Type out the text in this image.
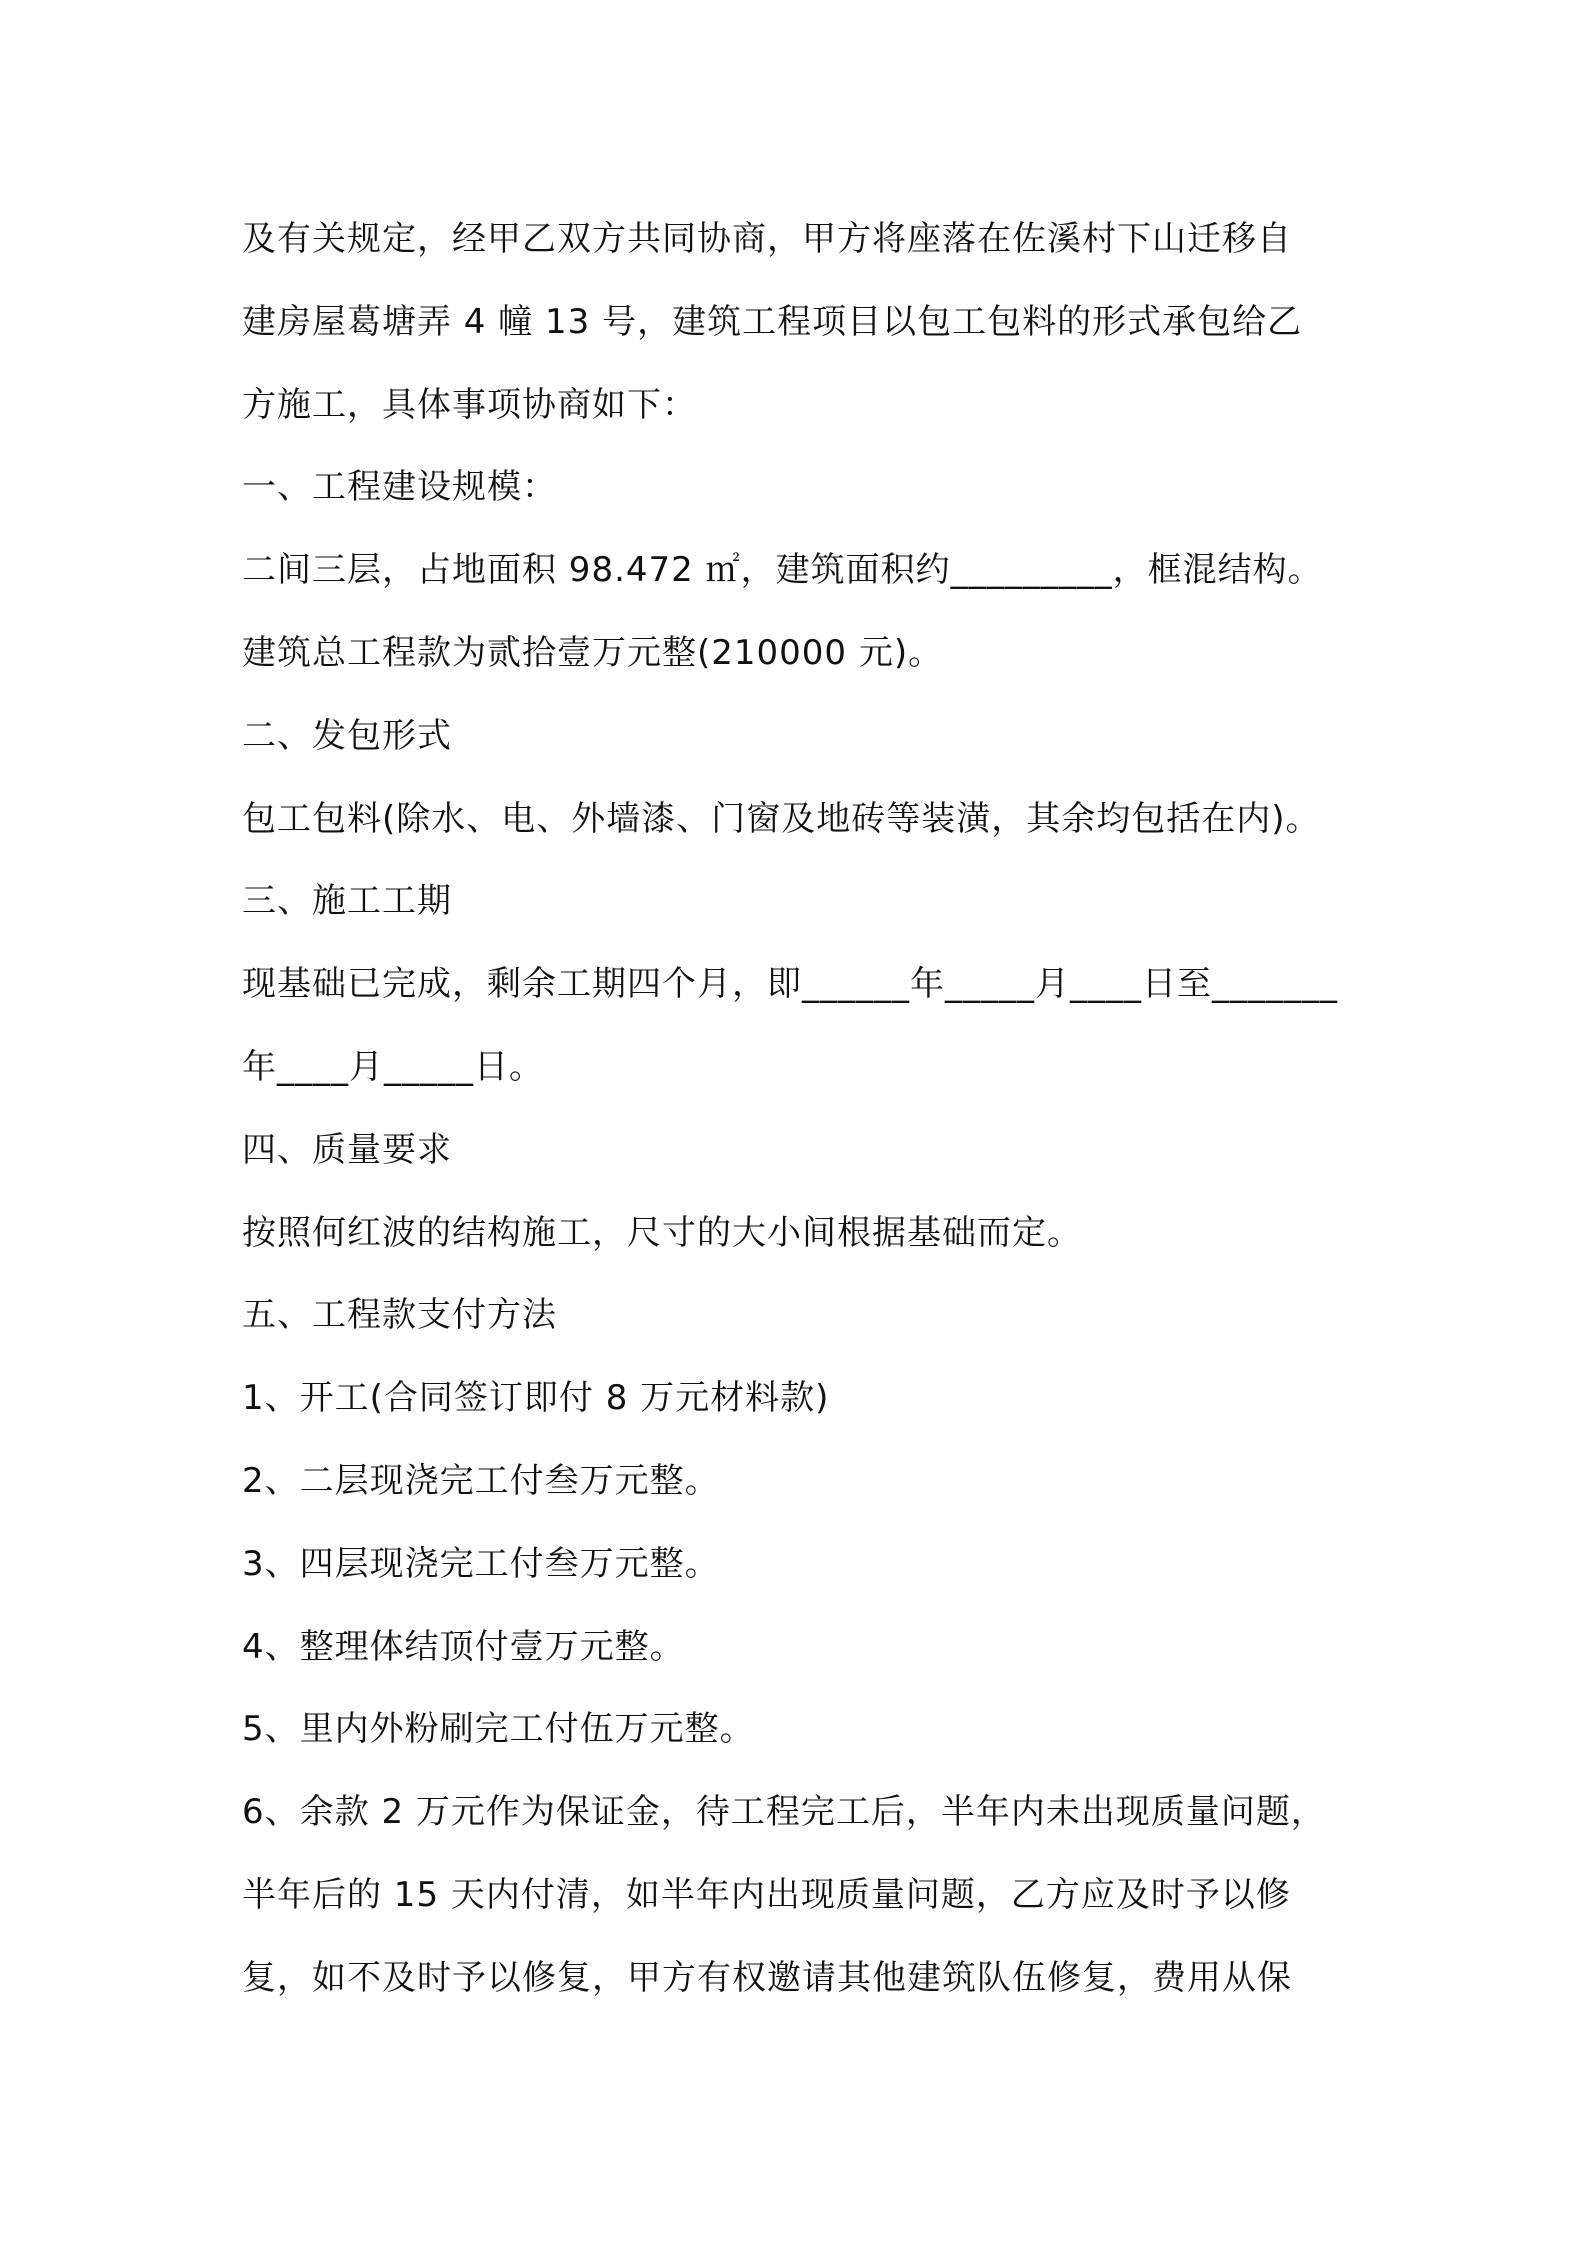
及有关规定，经甲乙双方共同协商，甲方将座落在佐溪村下山迁移自
建房屋葛塘弄 4 幢 13 号，建筑工程项目以包工包料的形式承包给乙
方施工，具体事项协商如下：
一、工程建设规模：
二间三层，占地面积 98.472 ㎡，建筑面积约_________，框混结构。
建筑总工程款为贰拾壹万元整(210000 元)。
二、发包形式
包工包料(除水、电、外墙漆、门窗及地砖等装潢，其余均包括在内)。
三、施工工期
现基础已完成，剩余工期四个月，即______年_____月____日至_______
年____月_____日。
四、质量要求
按照何红波的结构施工，尺寸的大小间根据基础而定。
五、工程款支付方法
1、开工(合同签订即付 8 万元材料款)
2、二层现浇完工付叁万元整。
3、四层现浇完工付叁万元整。
4、整理体结顶付壹万元整。
5、里内外粉刷完工付伍万元整。
6、余款 2 万元作为保证金，待工程完工后，半年内未出现质量问题，
半年后的 15 天内付清，如半年内出现质量问题，乙方应及时予以修
复，如不及时予以修复，甲方有权邀请其他建筑队伍修复，费用从保
